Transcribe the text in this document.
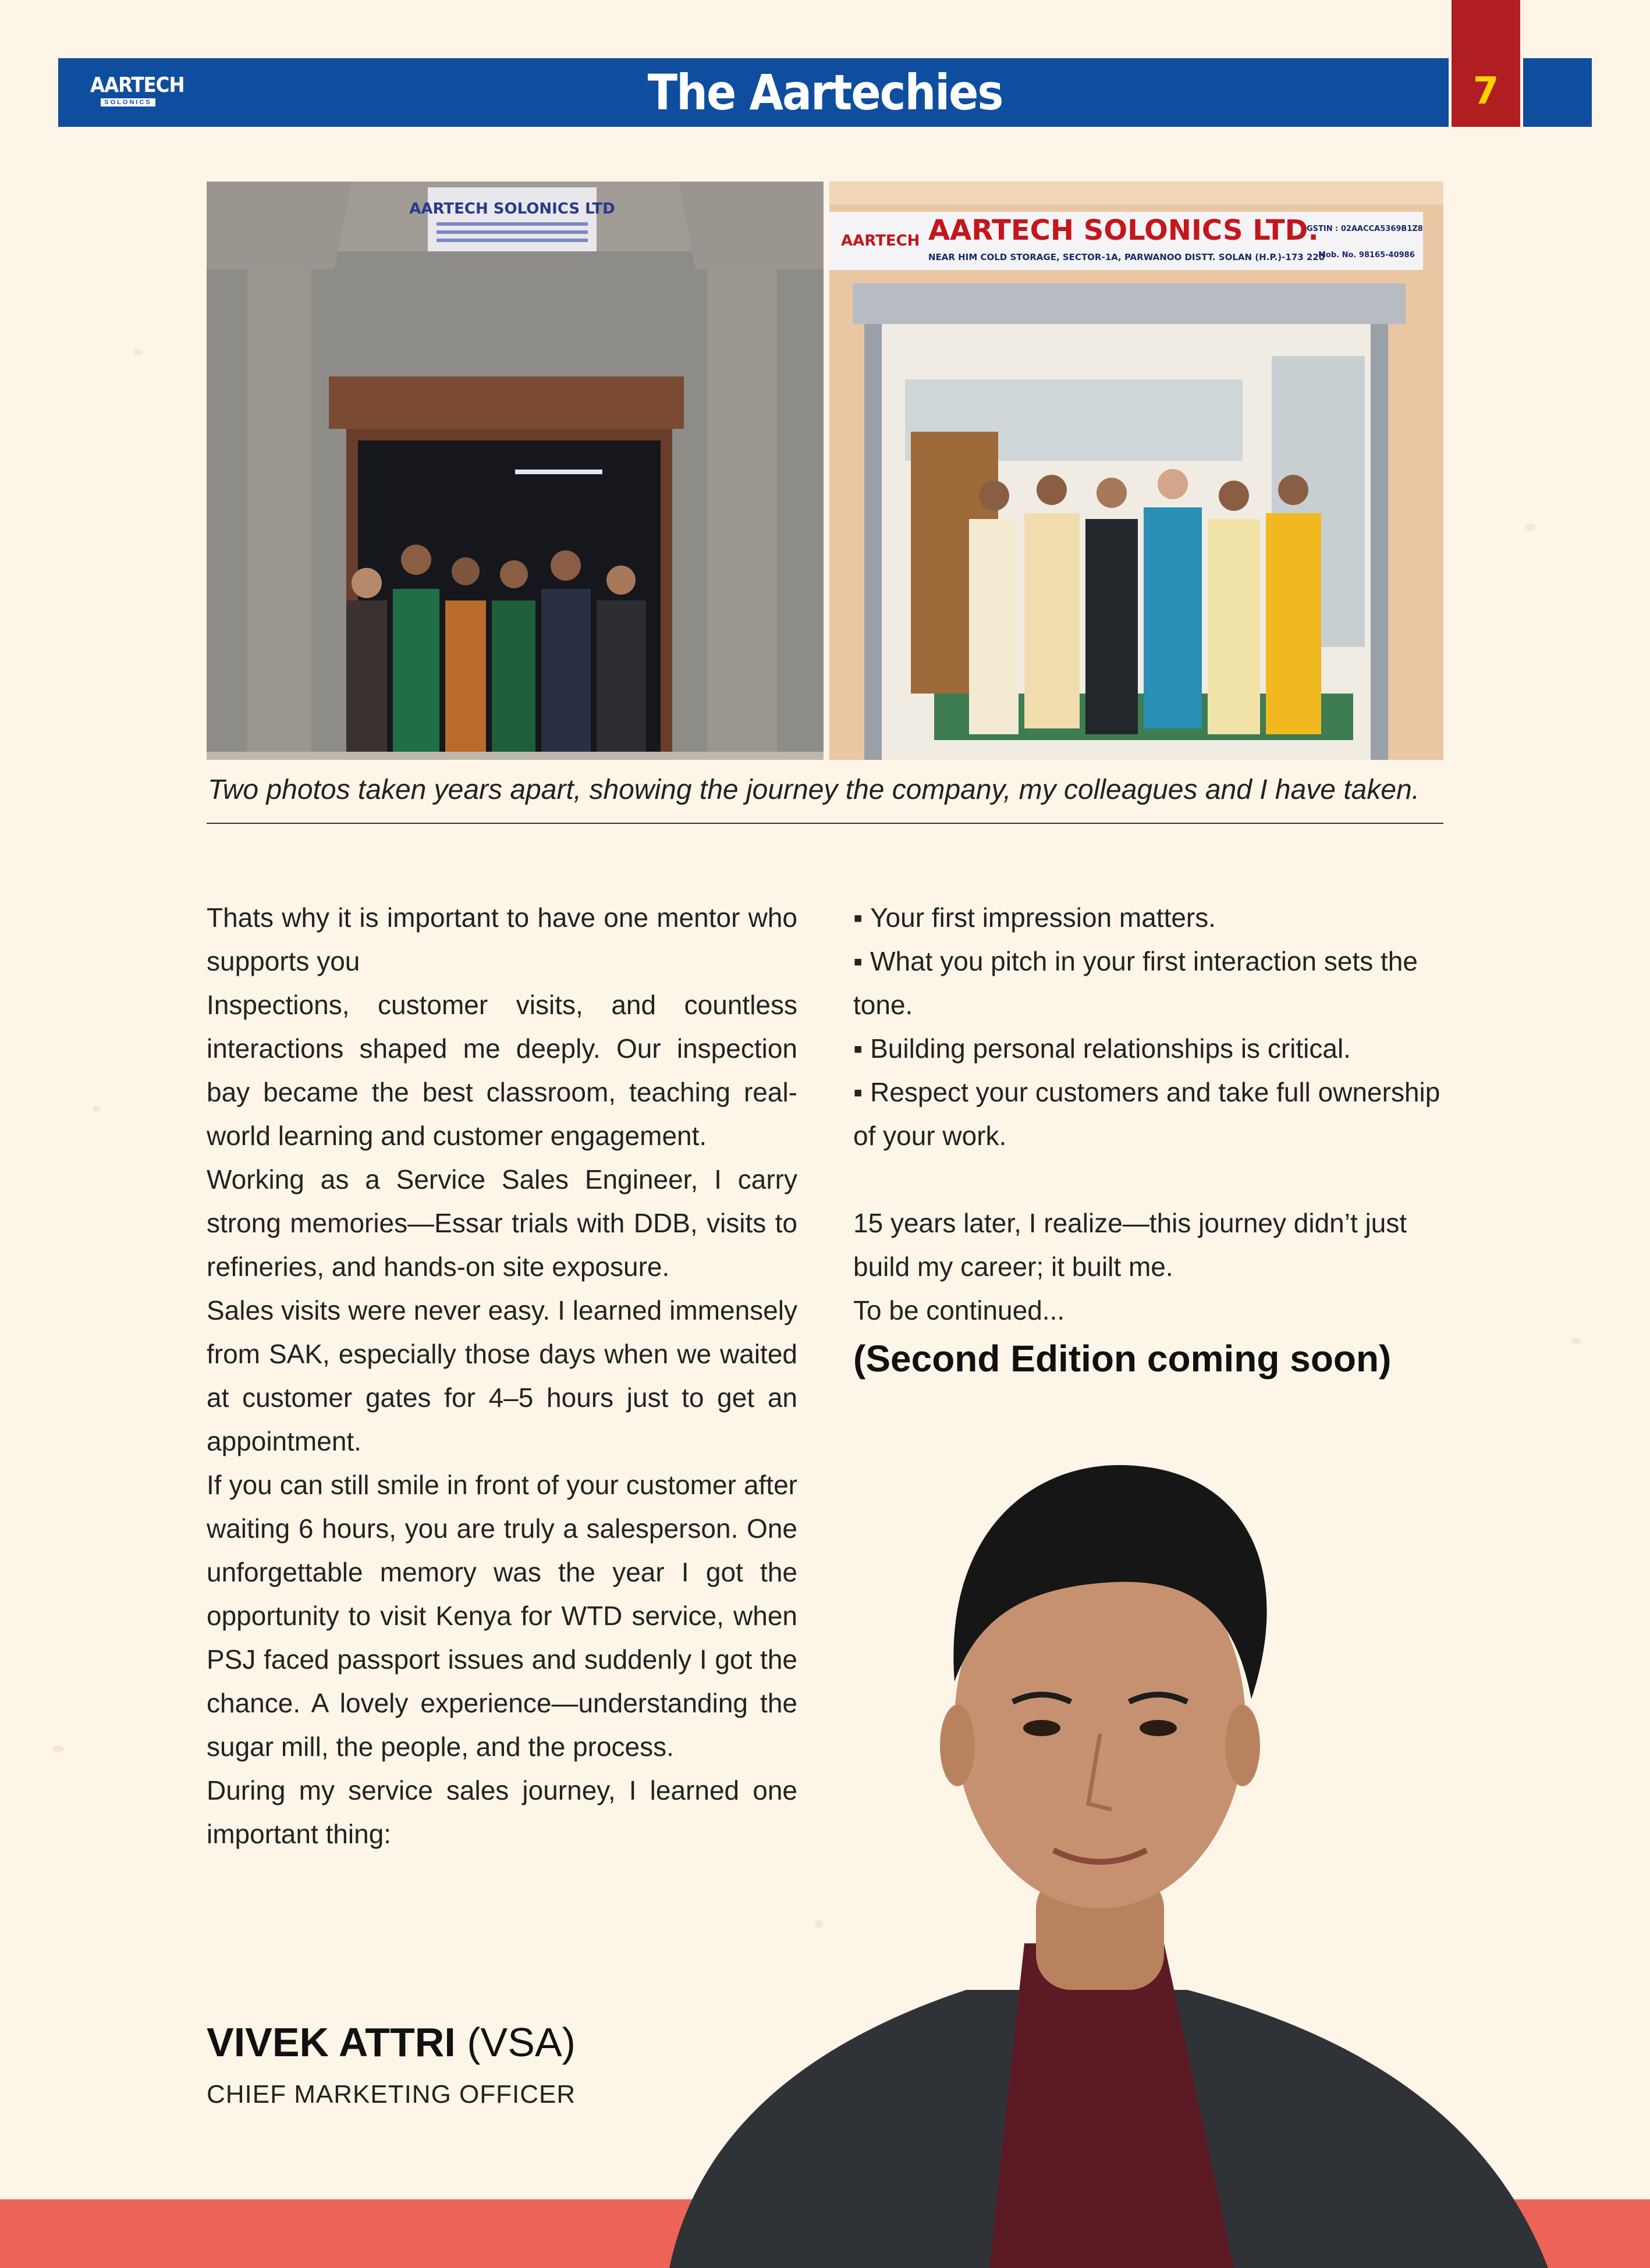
AARTECH
SOLONICS	The Aartechies	7
AARTECH SOLONICS LTD
AARTECH AARTECH SOLONICS LTD.
NEAR HIM COLD STORAGE, SECTOR-1A, PARWANOO DISTT. SOLAN (H.P.)-173 220
GSTIN : 02AACCA5369B1Z8
Mob. No. 98165-40986
Two photos taken years apart, showing the journey the company, my colleagues and I have taken.

Thats why it is important to have one mentor who supports you

Inspections, customer visits, and countless interactions shaped me deeply. Our inspection bay became the best classroom, teaching real-world learning and customer engagement.

Working as a Service Sales Engineer, I carry strong memories—Essar trials with DDB, visits to refineries, and hands-on site exposure.

Sales visits were never easy. I learned immensely from SAK, especially those days when we waited at customer gates for 4–5 hours just to get an appointment.

If you can still smile in front of your customer after waiting 6 hours, you are truly a salesperson. One unforgettable memory was the year I got the opportunity to visit Kenya for WTD service, when PSJ faced passport issues and suddenly I got the chance. A lovely experience—understanding the sugar mill, the people, and the process.

During my service sales journey, I learned one important thing:

▪ Your first impression matters.

▪ What you pitch in your first interaction sets the tone.

▪ Building personal relationships is critical.

▪ Respect your customers and take full ownership of your work.

15 years later, I realize—this journey didn’t just build my career; it built me.

To be continued...

(Second Edition coming soon)

VIVEK ATTRI (VSA)
CHIEF MARKETING OFFICER
